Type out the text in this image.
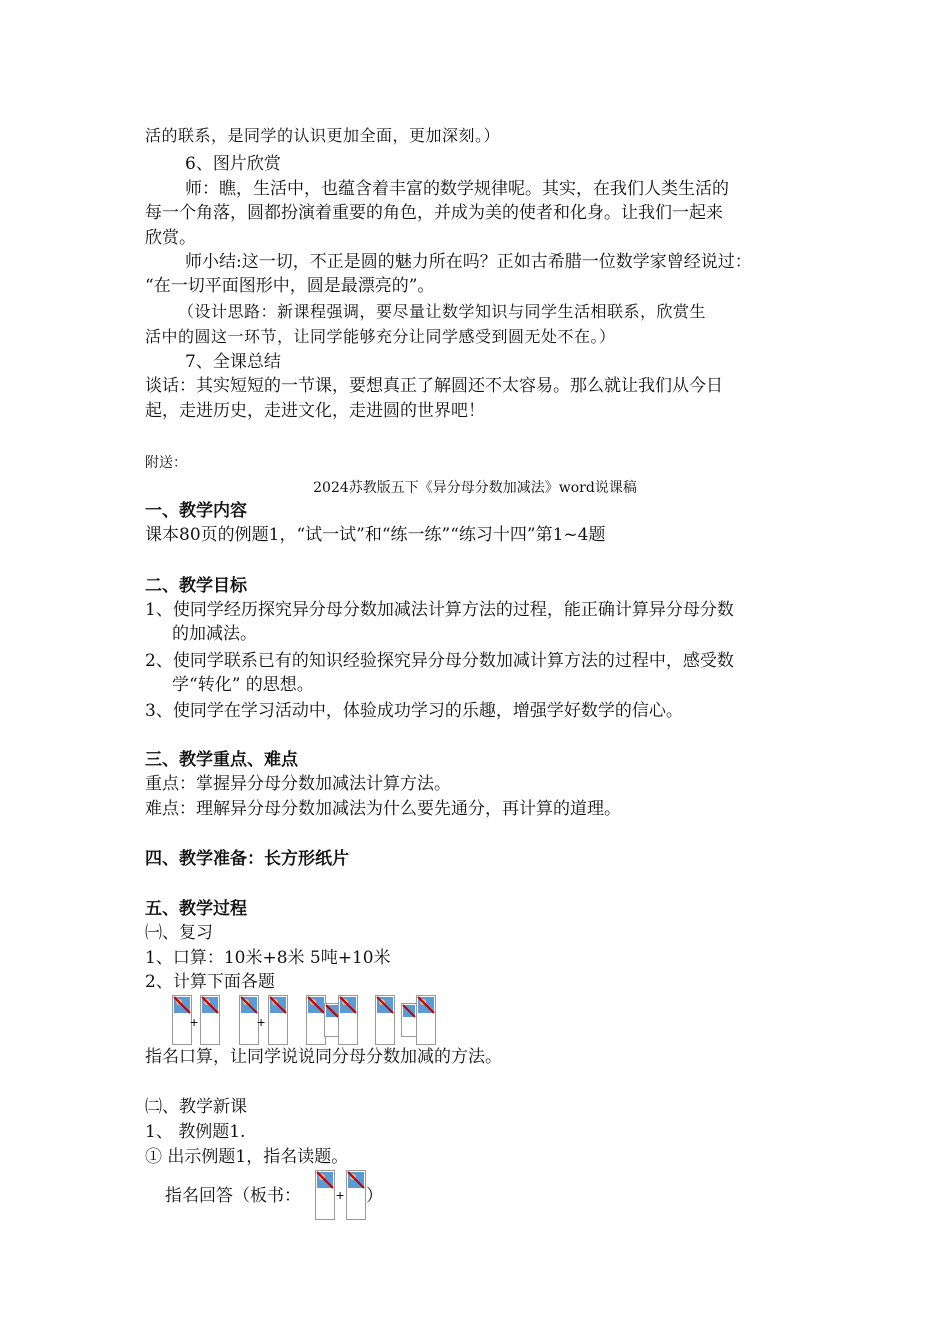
活的联系，是同学的认识更加全面，更加深刻。）
6、图片欣赏
师：瞧，生活中，也蕴含着丰富的数学规律呢。其实，在我们人类生活的
每一个角落，圆都扮演着重要的角色，并成为美的使者和化身。让我们一起来
欣赏。
师小结:这一切，不正是圆的魅力所在吗？正如古希腊一位数学家曾经说过：
“在一切平面图形中，圆是最漂亮的”。
（设计思路：新课程强调，要尽量让数学知识与同学生活相联系，欣赏生
活中的圆这一环节，让同学能够充分让同学感受到圆无处不在。）
7、全课总结
谈话：其实短短的一节课，要想真正了解圆还不太容易。那么就让我们从今日
起，走进历史，走进文化，走进圆的世界吧！
附送：
2024苏教版五下《异分母分数加减法》word说课稿
一、教学内容
课本80页的例题1，“试一试”和“练一练”“练习十四”第1~4题
二、教学目标
1、使同学经历探究异分母分数加减法计算方法的过程，能正确计算异分母分数
的加减法。
2、使同学联系已有的知识经验探究异分母分数加减计算方法的过程中，感受数
学“转化” 的思想。
3、使同学在学习活动中，体验成功学习的乐趣，增强学好数学的信心。
三、教学重点、难点
重点：掌握异分母分数加减法计算方法。
难点：理解异分母分数加减法为什么要先通分，再计算的道理。
四、教学准备：长方形纸片
五、教学过程
㈠、复习
1、口算：10米+8米 5吨+10米
2、计算下面各题
+	+
指名口算，让同学说说同分母分数加减的方法。
㈡、教学新课
1、 教例题1.
① 出示例题1，指名读题。
指名回答（板书：	+ ）
